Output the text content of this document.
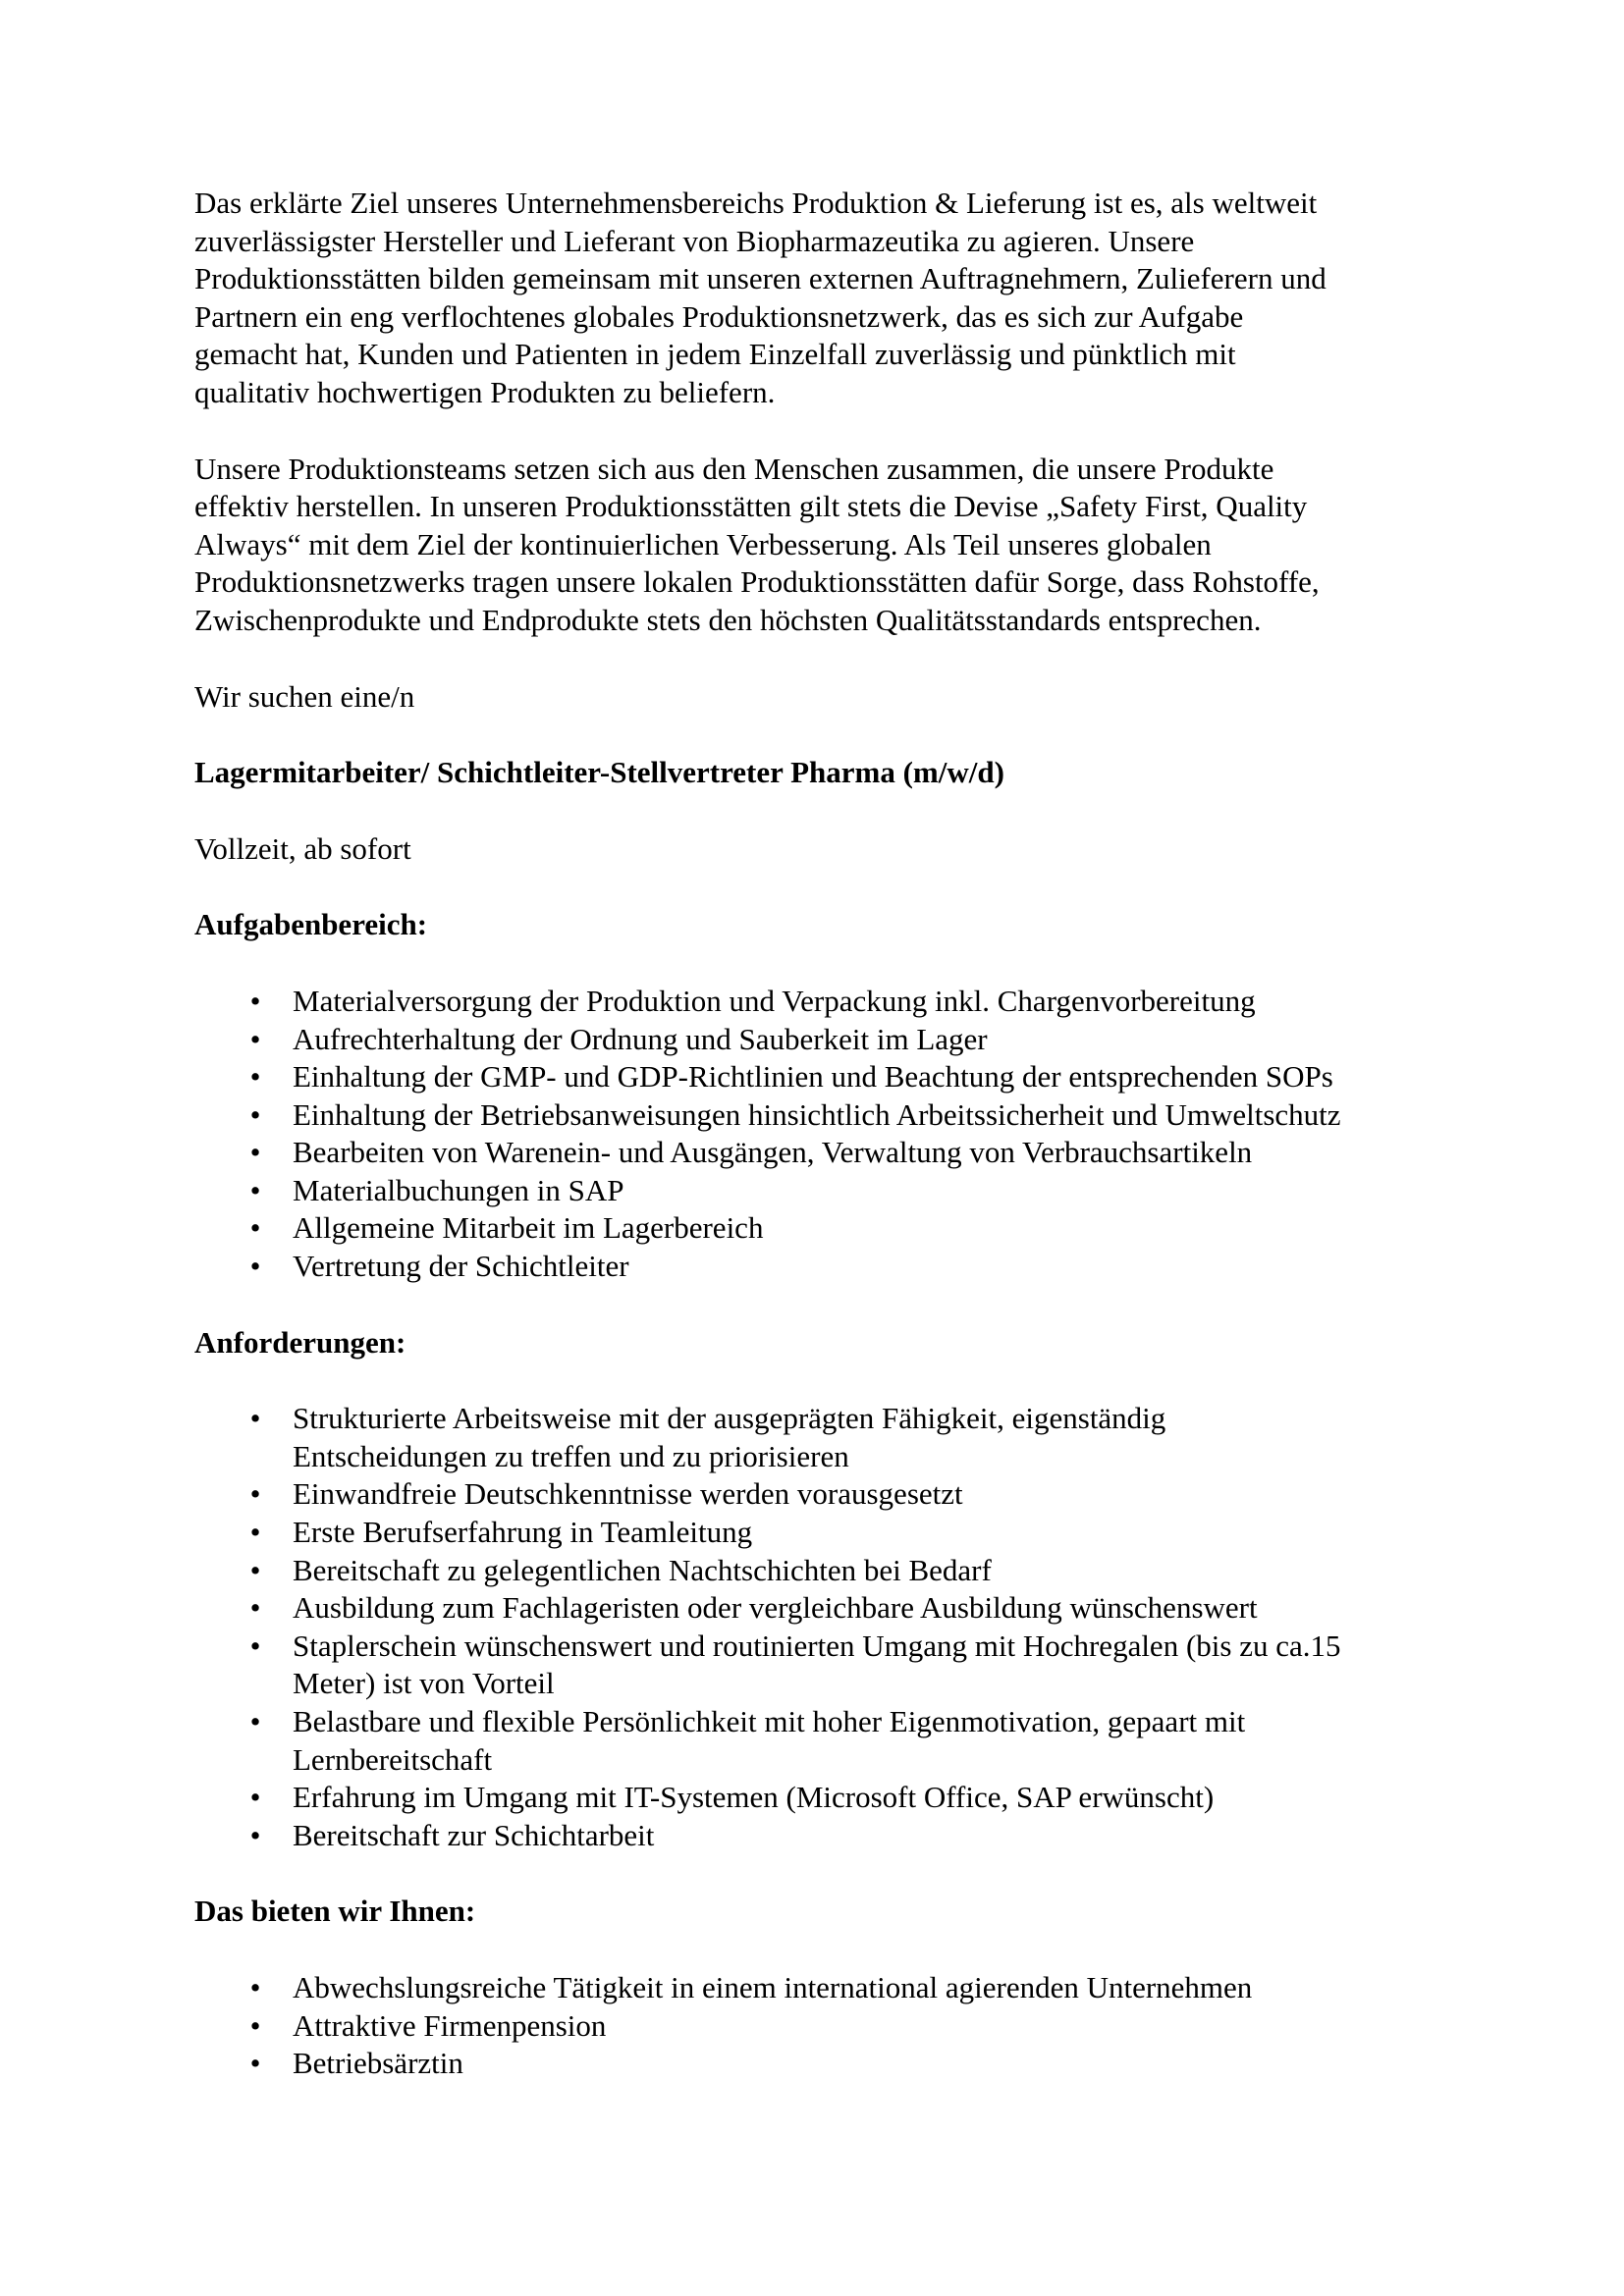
Das erklärte Ziel unseres Unternehmensbereichs Produktion & Lieferung ist es, als weltweit
zuverlässigster Hersteller und Lieferant von Biopharmazeutika zu agieren. Unsere
Produktionsstätten bilden gemeinsam mit unseren externen Auftragnehmern, Zulieferern und
Partnern ein eng verflochtenes globales Produktionsnetzwerk, das es sich zur Aufgabe
gemacht hat, Kunden und Patienten in jedem Einzelfall zuverlässig und pünktlich mit
qualitativ hochwertigen Produkten zu beliefern.

Unsere Produktionsteams setzen sich aus den Menschen zusammen, die unsere Produkte
effektiv herstellen. In unseren Produktionsstätten gilt stets die Devise „Safety First, Quality
Always“ mit dem Ziel der kontinuierlichen Verbesserung. Als Teil unseres globalen
Produktionsnetzwerks tragen unsere lokalen Produktionsstätten dafür Sorge, dass Rohstoffe,
Zwischenprodukte und Endprodukte stets den höchsten Qualitätsstandards entsprechen.

Wir suchen eine/n

Lagermitarbeiter/ Schichtleiter-Stellvertreter Pharma (m/w/d)

Vollzeit, ab sofort

Aufgabenbereich:

• Materialversorgung der Produktion und Verpackung inkl. Chargenvorbereitung
• Aufrechterhaltung der Ordnung und Sauberkeit im Lager
• Einhaltung der GMP- und GDP-Richtlinien und Beachtung der entsprechenden SOPs
• Einhaltung der Betriebsanweisungen hinsichtlich Arbeitssicherheit und Umweltschutz
• Bearbeiten von Warenein- und Ausgängen, Verwaltung von Verbrauchsartikeln
• Materialbuchungen in SAP
• Allgemeine Mitarbeit im Lagerbereich
• Vertretung der Schichtleiter

Anforderungen:

• Strukturierte Arbeitsweise mit der ausgeprägten Fähigkeit, eigenständig
Entscheidungen zu treffen und zu priorisieren
• Einwandfreie Deutschkenntnisse werden vorausgesetzt
• Erste Berufserfahrung in Teamleitung
• Bereitschaft zu gelegentlichen Nachtschichten bei Bedarf
• Ausbildung zum Fachlageristen oder vergleichbare Ausbildung wünschenswert
• Staplerschein wünschenswert und routinierten Umgang mit Hochregalen (bis zu ca.15
Meter) ist von Vorteil
• Belastbare und flexible Persönlichkeit mit hoher Eigenmotivation, gepaart mit
Lernbereitschaft
• Erfahrung im Umgang mit IT-Systemen (Microsoft Office, SAP erwünscht)
• Bereitschaft zur Schichtarbeit

Das bieten wir Ihnen:

• Abwechslungsreiche Tätigkeit in einem international agierenden Unternehmen
• Attraktive Firmenpension
• Betriebsärztin
